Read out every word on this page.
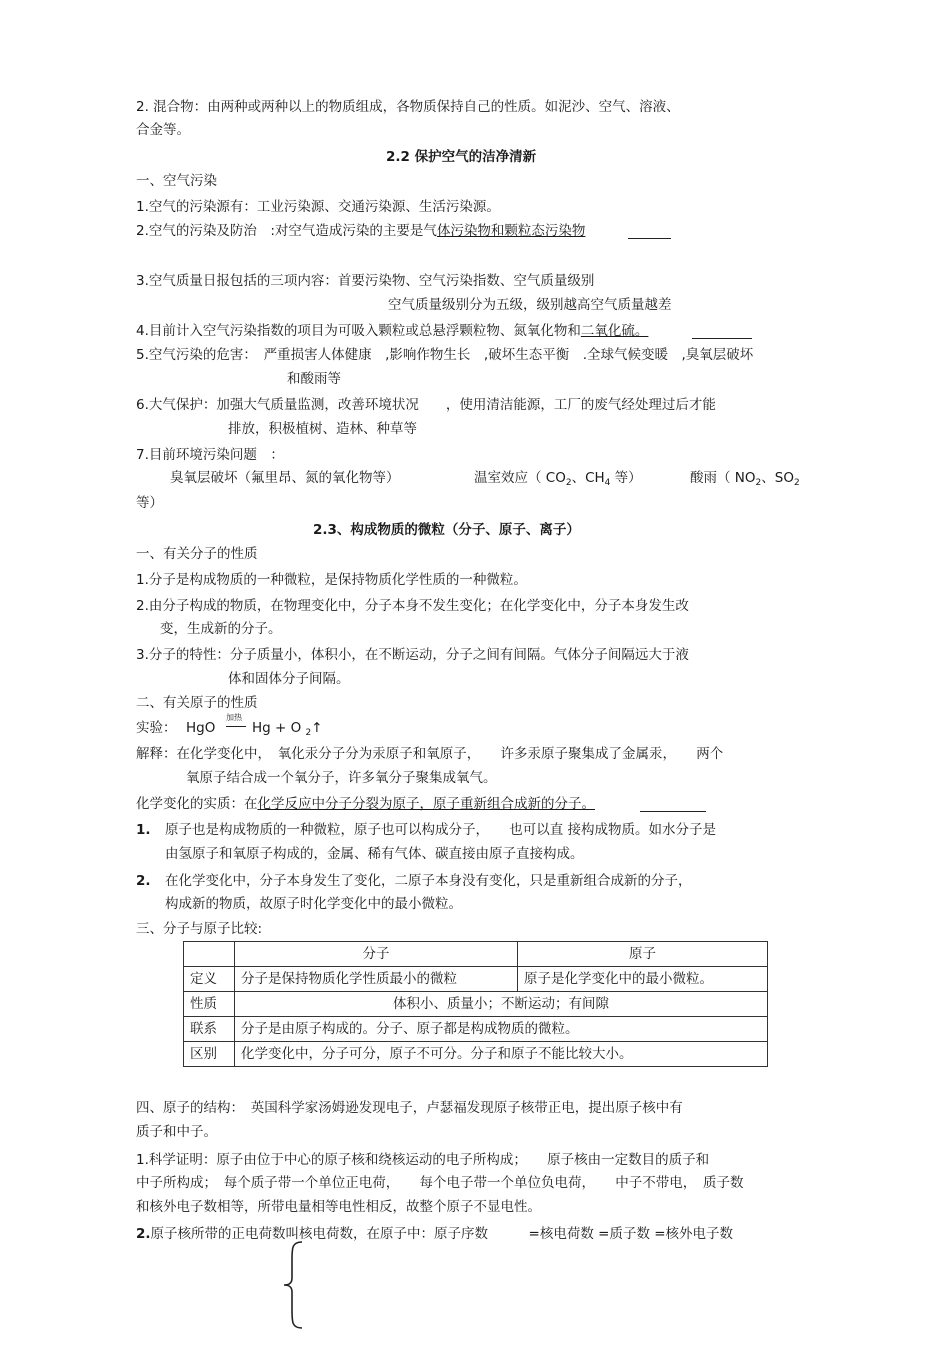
2. 混合物：由两种或两种以上的物质组成，各物质保持自己的性质。如泥沙、空气、溶液、
合金等。
2.2 保护空气的洁净清新
一、空气污染
1.空气的污染源有：工业污染源、交通污染源、生活污染源。
2.空气的污染及防治　:对空气造成污染的主要是气体污染物和颗粒态污染物
3.空气质量日报包括的三项内容：首要污染物、空气污染指数、空气质量级别
空气质量级别分为五级，级别越高空气质量越差
4.目前计入空气污染指数的项目为可吸入颗粒或总悬浮颗粒物、氮氧化物和二氧化硫。
5.空气污染的危害：　严重损害人体健康　,影响作物生长　,破坏生态平衡　.全球气候变暖　,臭氧层破坏
和酸雨等
6.大气保护：加强大气质量监测，改善环境状况　　，使用清洁能源，工厂的废气经处理过后才能
排放，积极植树、造林、种草等
7.目前环境污染问题　：
臭氧层破坏（氟里昂、氮的氧化物等）	温室效应（ $CO_2$、$CH_4$ 等）	酸雨（ $NO_2$、$SO_2$
等）
2.3、构成物质的微粒（分子、原子、离子）
一、有关分子的性质
1.分子是构成物质的一种微粒，是保持物质化学性质的一种微粒。
2.由分子构成的物质，在物理变化中，分子本身不发生变化；在化学变化中，分子本身发生改
变，生成新的分子。
3.分子的特性：分子质量小，体积小，在不断运动，分子之间有间隔。气体分子间隔远大于液
体和固体分子间隔。
二、有关原子的性质
实验： HgO
加热
Hg + O $_2$↑
解释：在化学变化中，　氧化汞分子分为汞原子和氧原子，　　许多汞原子聚集成了金属汞，　　两个
氧原子结合成一个氧分子，许多氧分子聚集成氧气。
化学变化的实质：在化学反应中分子分裂为原子，原子重新组合成新的分子。
1. 原子也是构成物质的一种微粒，原子也可以构成分子，　　也可以直 接构成物质。如水分子是
由氢原子和氧原子构成的，金属、稀有气体、碳直接由原子直接构成。
2. 在化学变化中，分子本身发生了变化，二原子本身没有变化，只是重新组合成新的分子，
构成新的物质，故原子时化学变化中的最小微粒。
三、分子与原子比较:
	分子	原子
定义	分子是保持物质化学性质最小的微粒	原子是化学变化中的最小微粒。
性质	体积小、质量小；不断运动；有间隙	
联系	分子是由原子构成的。分子、原子都是构成物质的微粒。	
区别	化学变化中，分子可分，原子不可分。分子和原子不能比较大小。	
四、原子的结构：　英国科学家汤姆逊发现电子，卢瑟福发现原子核带正电，提出原子核中有
质子和中子。
1.科学证明：原子由位于中心的原子核和绕核运动的电子所构成；　　原子核由一定数目的质子和
中子所构成；　每个质子带一个单位正电荷，　　每个电子带一个单位负电荷，　　中子不带电，　质子数
和核外电子数相等，所带电量相等电性相反，故整个原子不显电性。
2.原子核所带的正电荷数叫核电荷数，在原子中：原子序数　　　=核电荷数 =质子数 =核外电子数
